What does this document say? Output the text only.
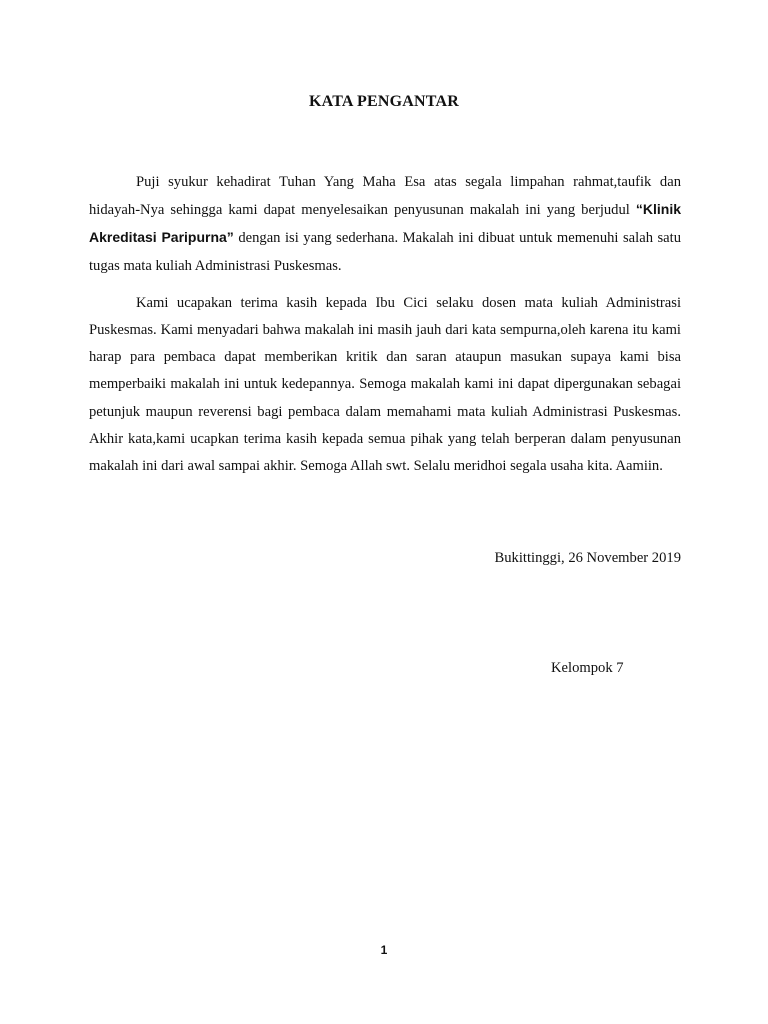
KATA PENGANTAR

Puji syukur kehadirat Tuhan Yang Maha Esa atas segala limpahan rahmat,taufik dan hidayah-Nya sehingga kami dapat menyelesaikan penyusunan makalah ini yang berjudul “Klinik Akreditasi Paripurna” dengan isi yang sederhana. Makalah ini dibuat untuk memenuhi salah satu tugas mata kuliah Administrasi Puskesmas.

Kami ucapakan terima kasih kepada Ibu Cici selaku dosen mata kuliah Administrasi Puskesmas. Kami menyadari bahwa makalah ini masih jauh dari kata sempurna,oleh karena itu kami harap para pembaca dapat memberikan kritik dan saran ataupun masukan supaya kami bisa memperbaiki makalah ini untuk kedepannya. Semoga makalah kami ini dapat dipergunakan sebagai petunjuk maupun reverensi bagi pembaca dalam memahami mata kuliah Administrasi Puskesmas. Akhir kata,kami ucapkan terima kasih kepada semua pihak yang telah berperan dalam penyusunan makalah ini dari awal sampai akhir. Semoga Allah swt. Selalu meridhoi segala usaha kita. Aamiin.

Bukittinggi, 26 November 2019

Kelompok 7

1
